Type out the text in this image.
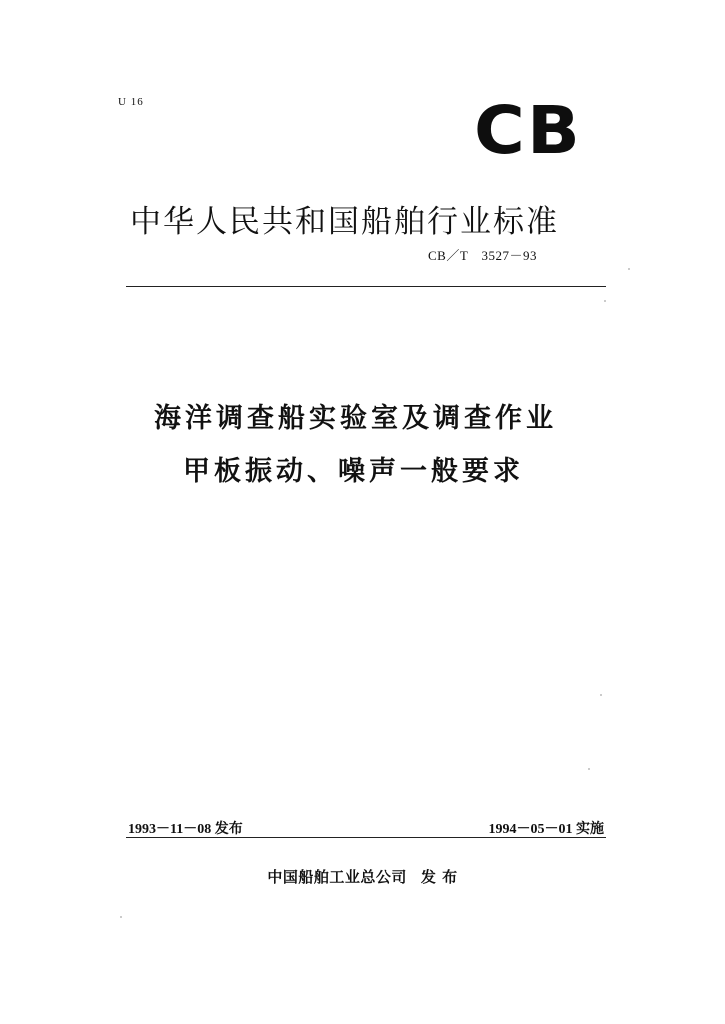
U 16	CB
中华人民共和国船舶行业标准
CB／T　3527－93
海洋调查船实验室及调查作业
甲板振动、噪声一般要求
1993－11－08 发布	1994－05－01 实施
中国船舶工业总公司 发 布
